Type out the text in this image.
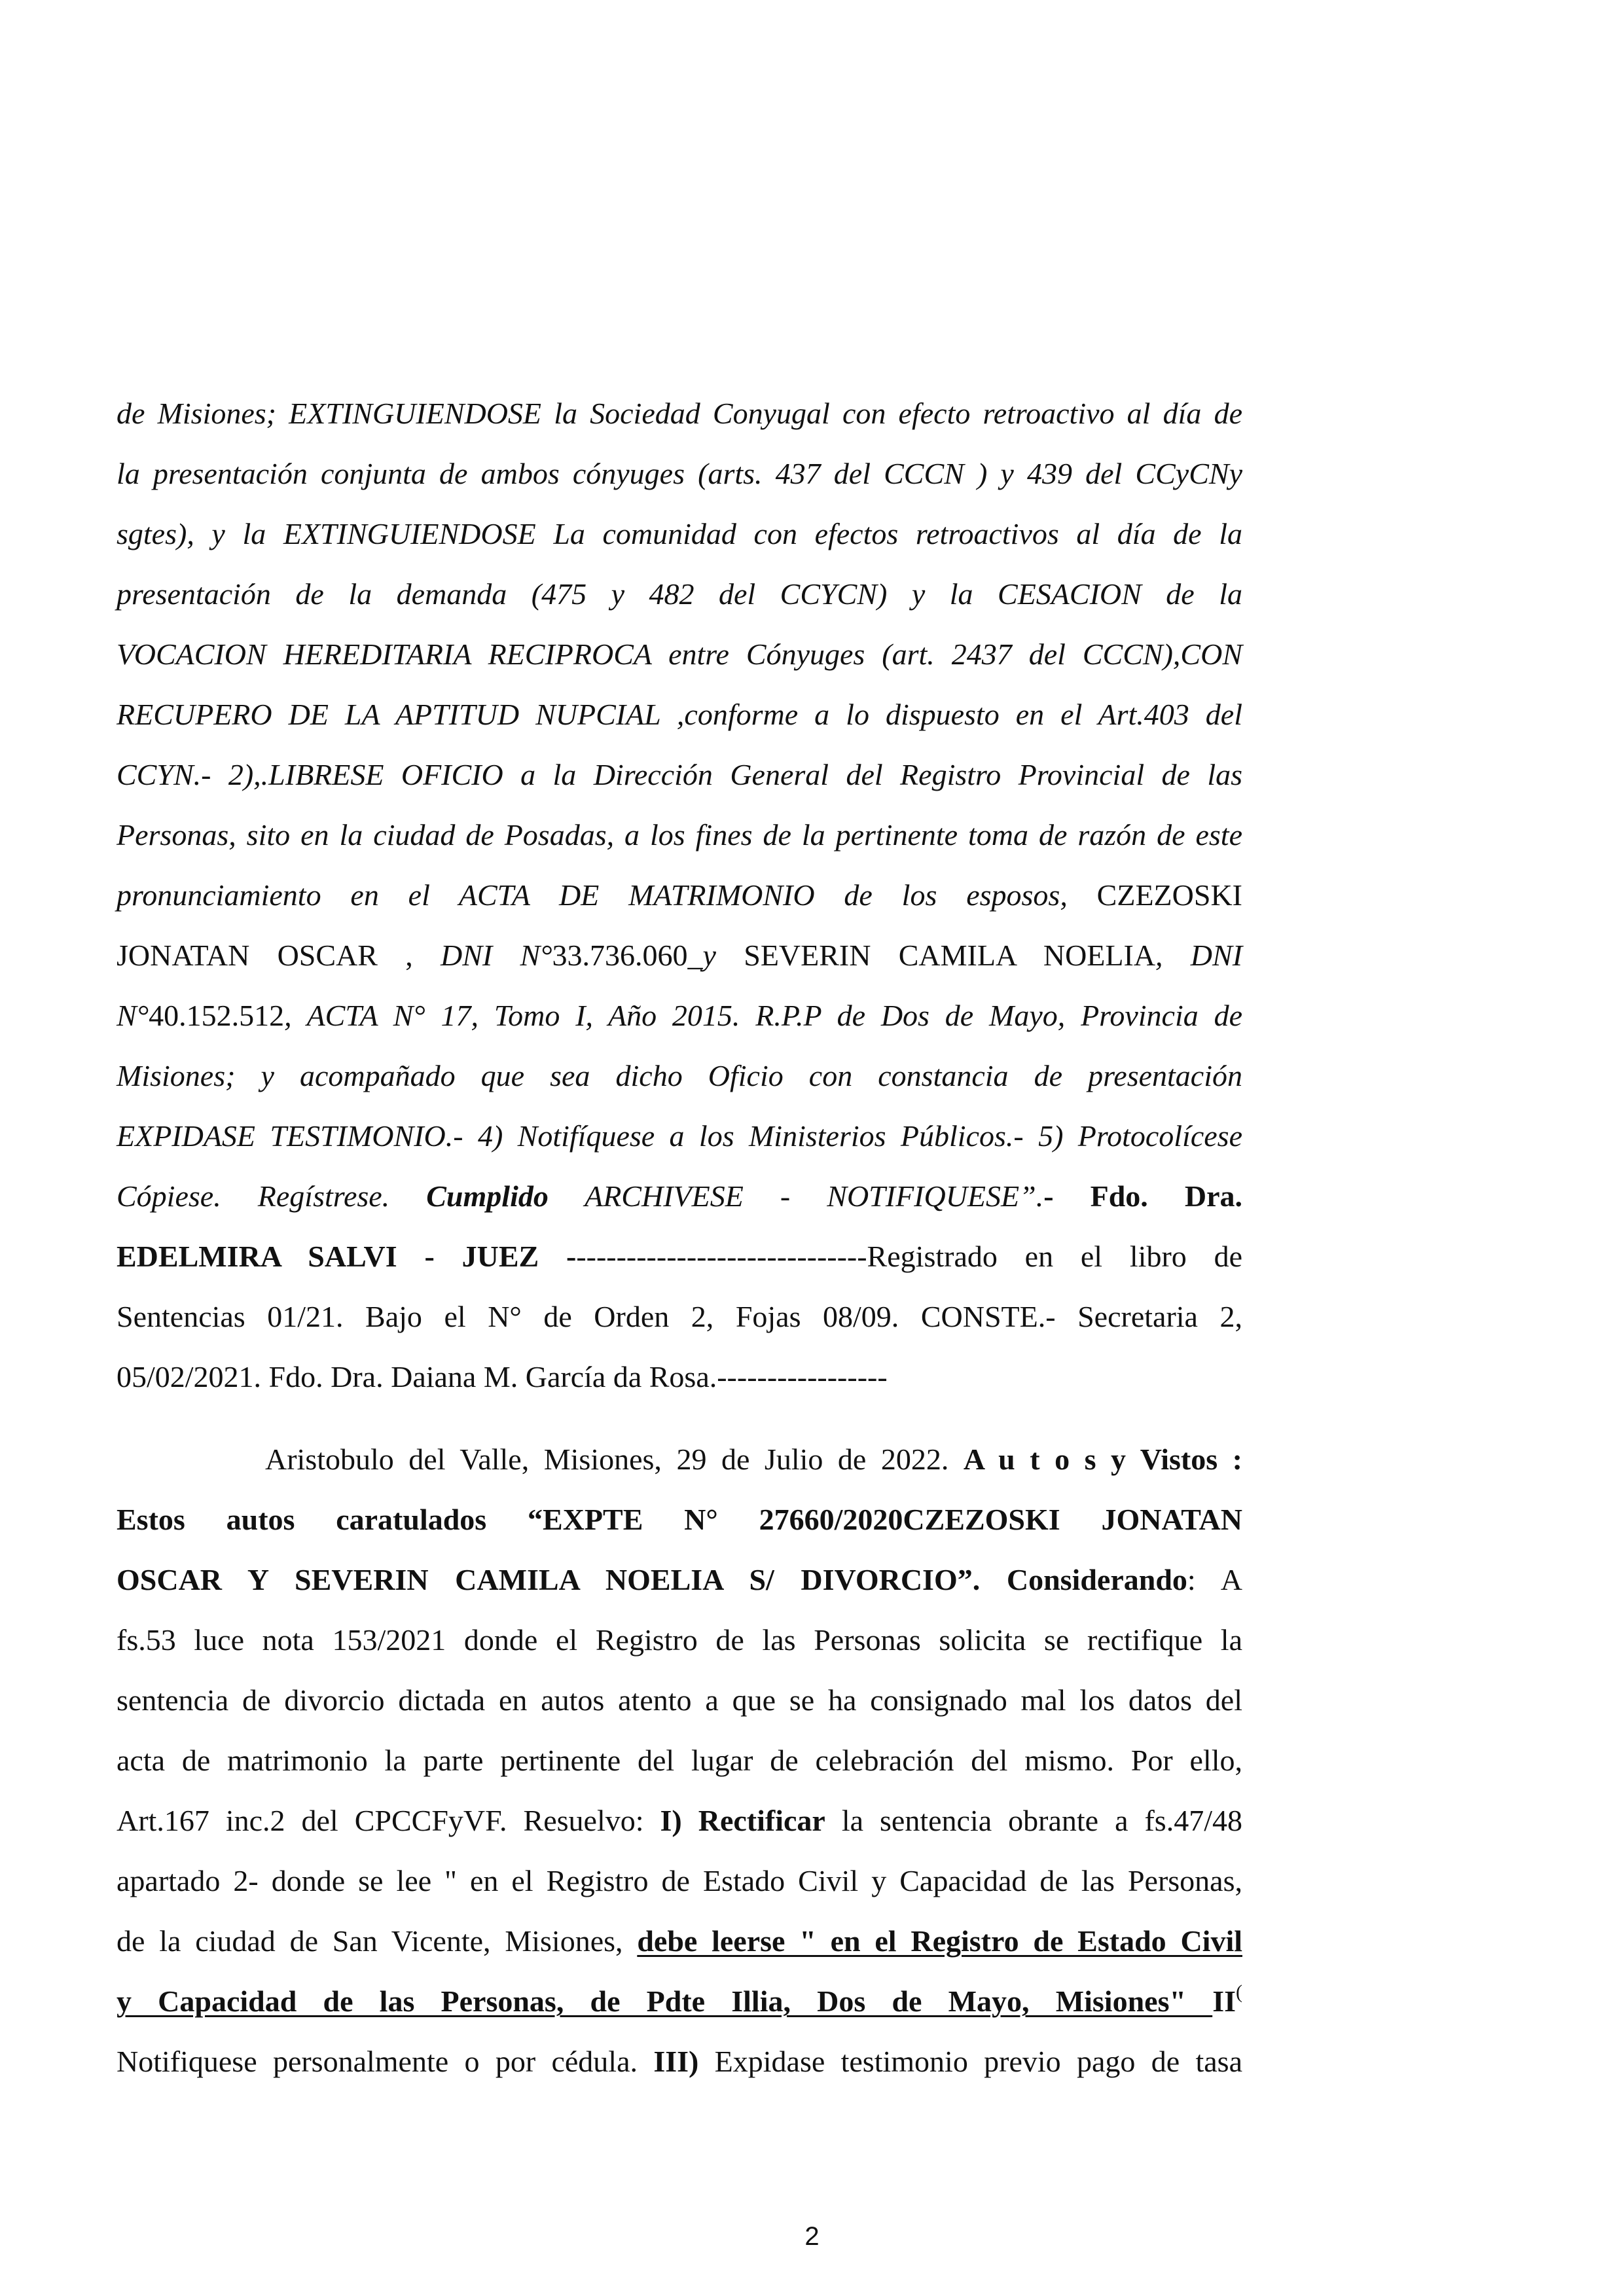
de Misiones; EXTINGUIENDOSE la Sociedad Conyugal con efecto retroactivo al día de
la presentación conjunta de ambos cónyuges (arts. 437 del CCCN ) y 439 del CCyCNy
sgtes), y la EXTINGUIENDOSE La comunidad con efectos retroactivos al día de la
presentación de la demanda (475 y 482 del CCYCN) y la CESACION de la
VOCACION HEREDITARIA RECIPROCA entre Cónyuges (art. 2437 del CCCN),CON
RECUPERO DE LA APTITUD NUPCIAL ,conforme a lo dispuesto en el Art.403 del
CCYN.- 2),.LIBRESE OFICIO a la Dirección General del Registro Provincial de las
Personas, sito en la ciudad de Posadas, a los fines de la pertinente toma de razón de este
pronunciamiento en el ACTA DE MATRIMONIO de los esposos, CZEZOSKI
JONATAN OSCAR , DNI N°33.736.060_y SEVERIN CAMILA NOELIA, DNI
N°40.152.512, ACTA N° 17, Tomo I, Año 2015. R.P.P de Dos de Mayo, Provincia de
Misiones; y acompañado que sea dicho Oficio con constancia de presentación
EXPIDASE TESTIMONIO.- 4) Notifíquese a los Ministerios Públicos.- 5) Protocolícese
Cópiese. Regístrese. Cumplido ARCHIVESE - NOTIFIQUESE”.- Fdo. Dra.
EDELMIRA SALVI - JUEZ ------------------------------Registrado en el libro de
Sentencias 01/21. Bajo el N° de Orden 2, Fojas 08/09. CONSTE.- Secretaria 2,
05/02/2021. Fdo. Dra. Daiana M. García da Rosa.-----------------
Aristobulo del Valle, Misiones, 29 de Julio de 2022. A u t o s y Vistos :
Estos autos caratulados “EXPTE N° 27660/2020CZEZOSKI JONATAN
OSCAR Y SEVERIN CAMILA NOELIA S/ DIVORCIO”. Considerando: A
fs.53 luce nota 153/2021 donde el Registro de las Personas solicita se rectifique la
sentencia de divorcio dictada en autos atento a que se ha consignado mal los datos del
acta de matrimonio la parte pertinente del lugar de celebración del mismo. Por ello,
Art.167 inc.2 del CPCCFyVF. Resuelvo: I) Rectificar la sentencia obrante a fs.47/48
apartado 2- donde se lee " en el Registro de Estado Civil y Capacidad de las Personas,
de la ciudad de San Vicente, Misiones, debe leerse " en el Registro de Estado Civil
y Capacidad de las Personas, de Pdte Illia, Dos de Mayo, Misiones" II(
Notifiquese personalmente o por cédula. III) Expidase testimonio previo pago de tasa
2
